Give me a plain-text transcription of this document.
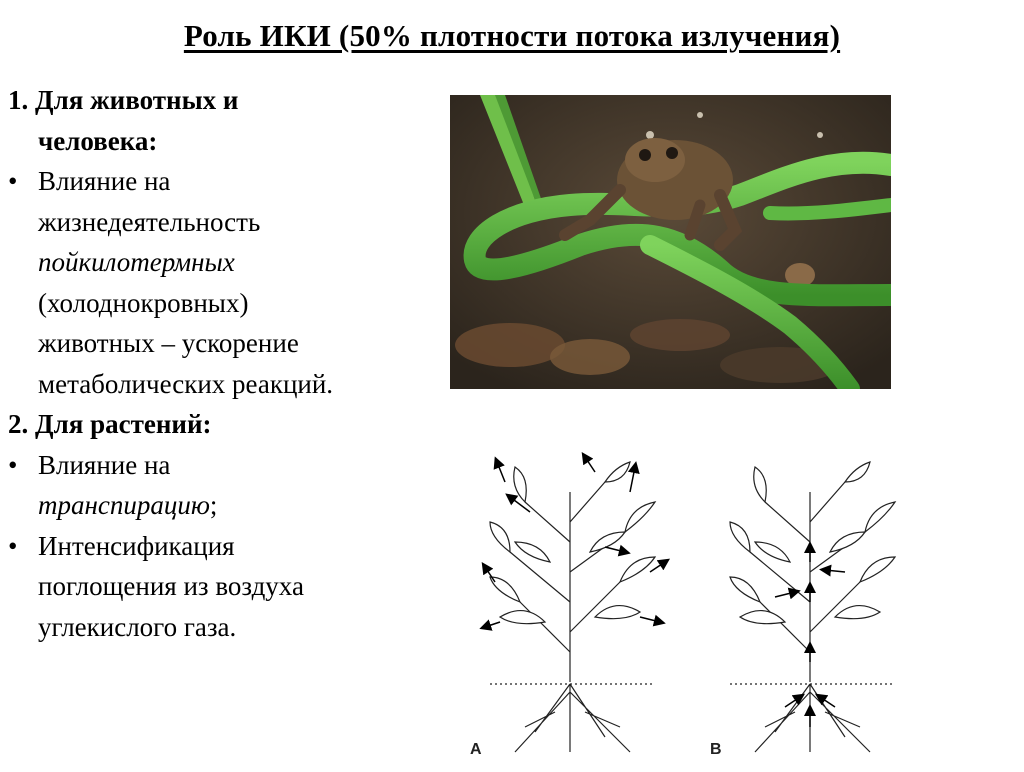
Роль ИКИ (50% плотности потока излучения)
1. Для животных и
человека:
• Влияние на
жизнедеятельность
пойкилотермных
(холоднокровных)
животных – ускорение
метаболических реакций.
2. Для растений:
• Влияние на
транспирацию;
• Интенсификация
поглощения из воздуха
углекислого газа.
A	B
